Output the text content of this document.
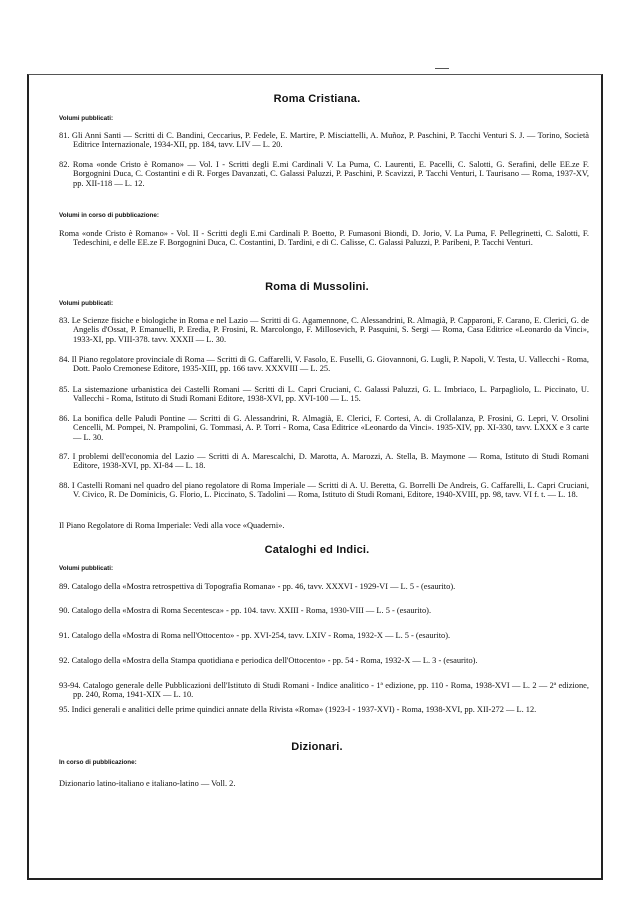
Roma Cristiana.

Volumi pubblicati:

81. Gli Anni Santi — Scritti di C. Bandini, Ceccarius, P. Fedele, E. Martire, P. Misciattelli, A. Muñoz, P. Paschini, P. Tacchi Venturi S. J. — Torino, Società Editrice Internazionale, 1934-XII, pp. 184, tavv. LIV — L. 20.

82. Roma «onde Cristo è Romano» — Vol. I - Scritti degli E.mi Cardinali V. La Puma, C. Laurenti, E. Pacelli, C. Salotti, G. Serafini, delle EE.ze F. Borgognini Duca, C. Costantini e di R. Forges Davanzati, C. Galassi Paluzzi, P. Paschini, P. Scavizzi, P. Tacchi Venturi, I. Taurisano — Roma, 1937-XV, pp. XII-118 — L. 12.

Volumi in corso di pubblicazione:

Roma «onde Cristo è Romano» - Vol. II - Scritti degli E.mi Cardinali P. Boetto, P. Fumasoni Biondi, D. Jorio, V. La Puma, F. Pellegrinetti, C. Salotti, F. Tedeschini, e delle EE.ze F. Borgognini Duca, C. Costantini, D. Tardini, e di C. Calisse, C. Galassi Paluzzi, P. Paribeni, P. Tacchi Venturi.

Roma di Mussolini.

Volumi pubblicati:

83. Le Scienze fisiche e biologiche in Roma e nel Lazio — Scritti di G. Agamennone, C. Alessandrini, R. Almagià, P. Capparoni, F. Carano, E. Clerici, G. de Angelis d'Ossat, P. Emanuelli, P. Eredia, P. Frosini, R. Marcolongo, F. Millosevich, P. Pasquini, S. Sergi — Roma, Casa Editrice «Leonardo da Vinci», 1933-XI, pp. VIII-378. tavv. XXXII — L. 30.

84. Il Piano regolatore provinciale di Roma — Scritti di G. Caffarelli, V. Fasolo, E. Fuselli, G. Giovannoni, G. Lugli, P. Napoli, V. Testa, U. Vallecchi - Roma, Dott. Paolo Cremonese Editore, 1935-XIII, pp. 166 tavv. XXXVIII — L. 25.

85. La sistemazione urbanistica dei Castelli Romani — Scritti di L. Capri Cruciani, C. Galassi Paluzzi, G. L. Imbriaco, L. Parpagliolo, L. Piccinato, U. Vallecchi - Roma, Istituto di Studi Romani Editore, 1938-XVI, pp. XVI-100 — L. 15.

86. La bonifica delle Paludi Pontine — Scritti di G. Alessandrini, R. Almagià, E. Clerici, F. Cortesi, A. di Crollalanza, P. Frosini, G. Lepri, V. Orsolini Cencelli, M. Pompei, N. Prampolini, G. Tommasi, A. P. Torri - Roma, Casa Editrice «Leonardo da Vinci». 1935-XIV, pp. XI-330, tavv. LXXX e 3 carte — L. 30.

87. I problemi dell'economia del Lazio — Scritti di A. Marescalchi, D. Marotta, A. Marozzi, A. Stella, B. Maymone — Roma, Istituto di Studi Romani Editore, 1938-XVI, pp. XI-84 — L. 18.

88. I Castelli Romani nel quadro del piano regolatore di Roma Imperiale — Scritti di A. U. Beretta, G. Borrelli De Andreis, G. Caffarelli, L. Capri Cruciani, V. Civico, R. De Dominicis, G. Florio, L. Piccinato, S. Tadolini — Roma, Istituto di Studi Romani, Editore, 1940-XVIII, pp. 98, tavv. VI f. t. — L. 18.

Il Piano Regolatore di Roma Imperiale: Vedi alla voce «Quaderni».

Cataloghi ed Indici.

Volumi pubblicati:

89. Catalogo della «Mostra retrospettiva di Topografia Romana» - pp. 46, tavv. XXXVI - 1929-VI — L. 5 - (esaurito).

90. Catalogo della «Mostra di Roma Secentesca» - pp. 104. tavv. XXIII - Roma, 1930-VIII — L. 5 - (esaurito).

91. Catalogo della «Mostra di Roma nell'Ottocento» - pp. XVI-254, tavv. LXIV - Roma, 1932-X — L. 5 - (esaurito).

92. Catalogo della «Mostra della Stampa quotidiana e periodica dell'Ottocento» - pp. 54 - Roma, 1932-X — L. 3 - (esaurito).

93-94. Catalogo generale delle Pubblicazioni dell'Istituto di Studi Romani - Indice analitico - 1ª edizione, pp. 110 - Roma, 1938-XVI — L. 2 — 2ª edizione, pp. 240, Roma, 1941-XIX — L. 10.

95. Indici generali e analitici delle prime quindici annate della Rivista «Roma» (1923-I - 1937-XVI) - Roma, 1938-XVI, pp. XII-272 — L. 12.

Dizionari.

In corso di pubblicazione:

Dizionario latino-italiano e italiano-latino — Voll. 2.
